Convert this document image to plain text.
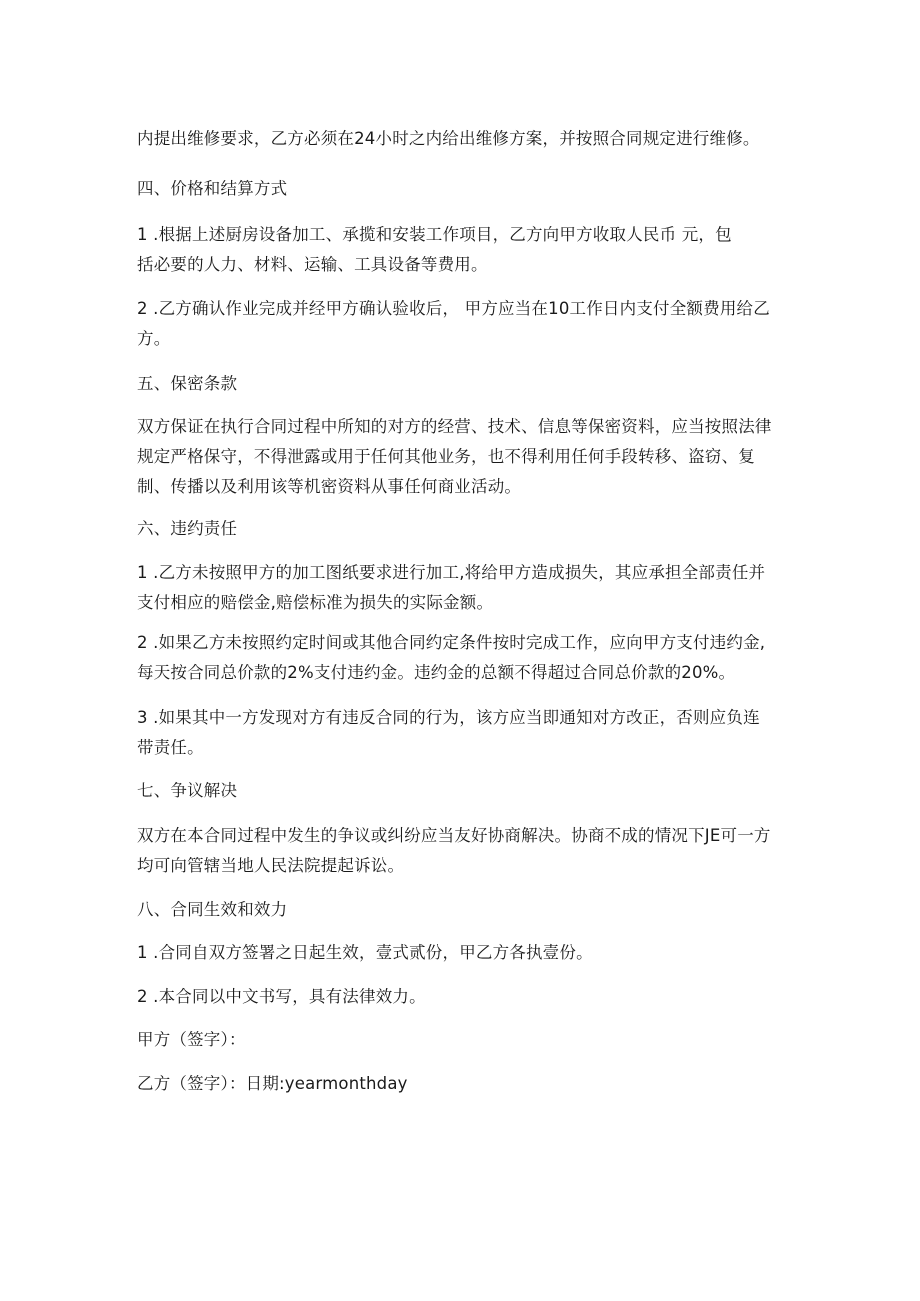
内提出维修要求，乙方必须在24小时之内给出维修方案，并按照合同规定进行维修。
四、价格和结算方式
1 .根据上述厨房设备加工、承揽和安装工作项目，乙方向甲方收取人民币 元，包
括必要的人力、材料、运输、工具设备等费用。
2 .乙方确认作业完成并经甲方确认验收后， 甲方应当在10工作日内支付全额费用给乙
方。
五、保密条款
双方保证在执行合同过程中所知的对方的经营、技术、信息等保密资料，应当按照法律
规定严格保守，不得泄露或用于任何其他业务，也不得利用任何手段转移、盗窃、复
制、传播以及利用该等机密资料从事任何商业活动。
六、违约责任
1 .乙方未按照甲方的加工图纸要求进行加工,将给甲方造成损失，其应承担全部责任并
支付相应的赔偿金,赔偿标准为损失的实际金额。
2 .如果乙方未按照约定时间或其他合同约定条件按时完成工作，应向甲方支付违约金,
每天按合同总价款的2%支付违约金。违约金的总额不得超过合同总价款的20%。
3 .如果其中一方发现对方有违反合同的行为，该方应当即通知对方改正，否则应负连
带责任。
七、争议解决
双方在本合同过程中发生的争议或纠纷应当友好协商解决。协商不成的情况下JE可一方
均可向管辖当地人民法院提起诉讼。
八、合同生效和效力
1 .合同自双方签署之日起生效，壹式贰份，甲乙方各执壹份。
2 .本合同以中文书写，具有法律效力。
甲方（签字）：
乙方（签字）：日期:yearmonthday
